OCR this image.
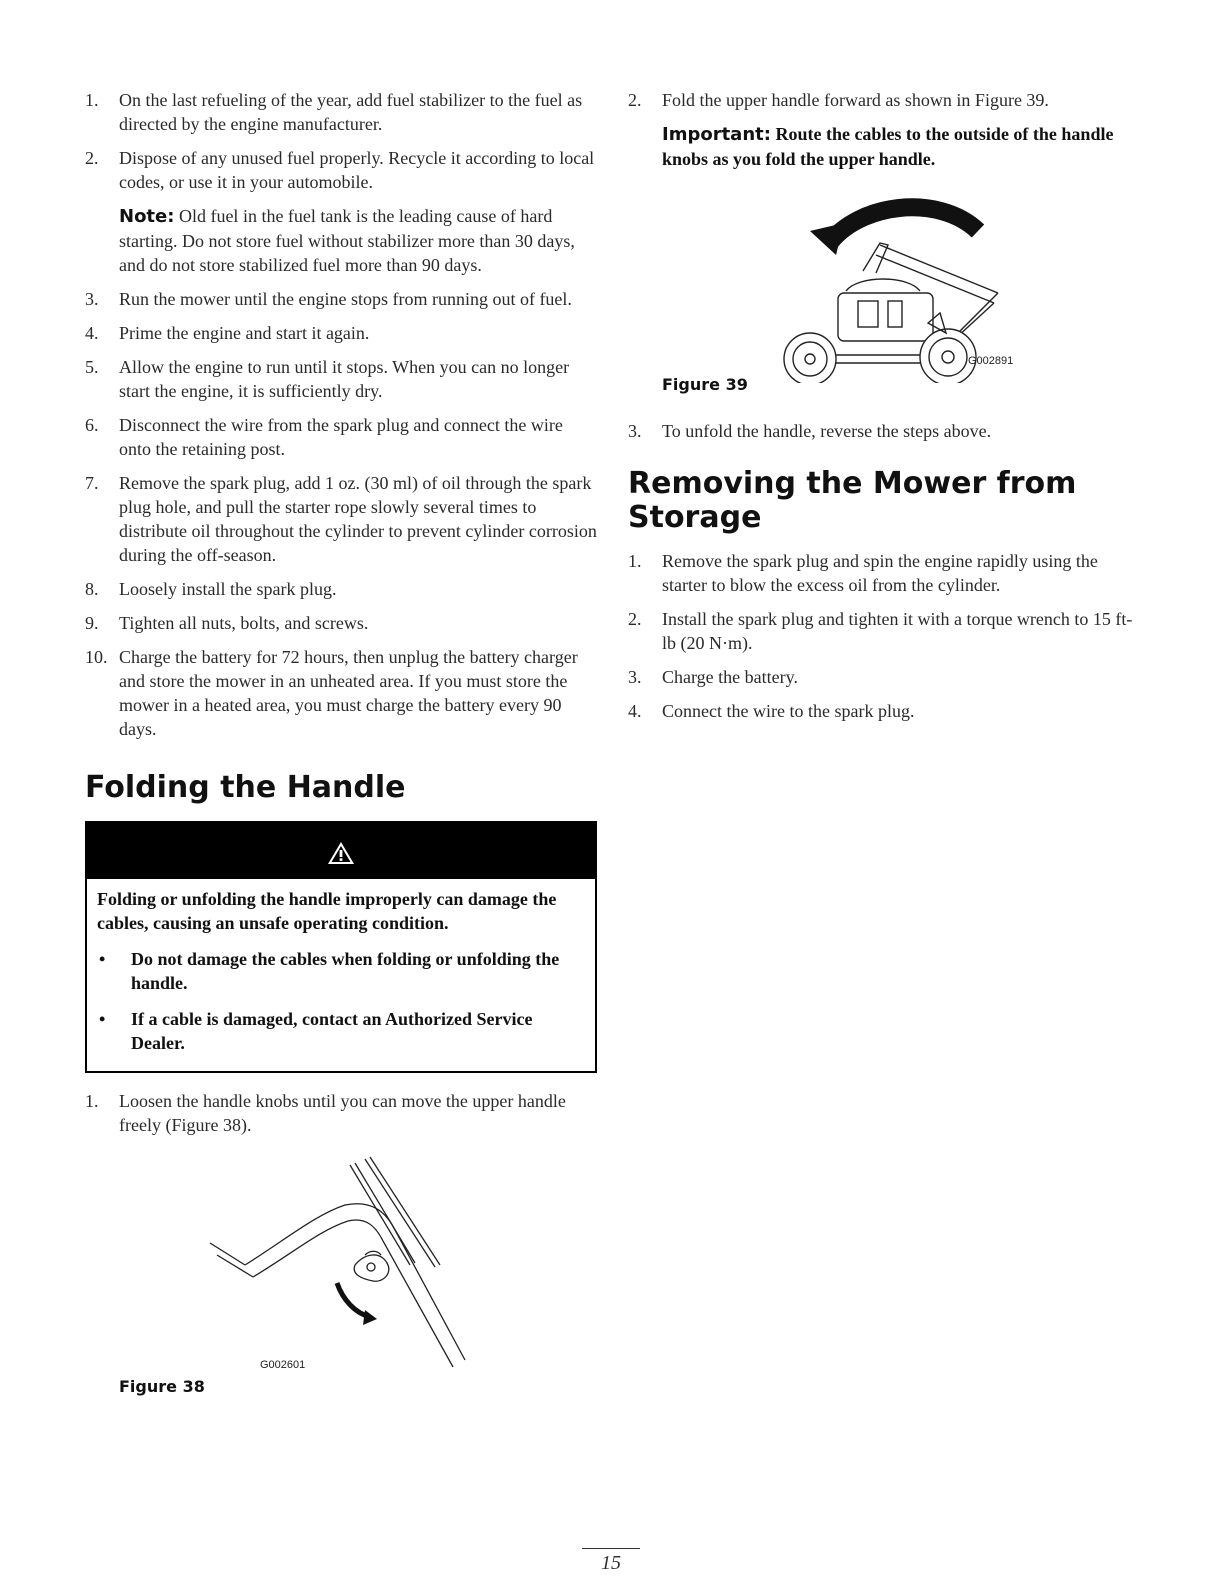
1. On the last refueling of the year, add fuel stabilizer to the fuel as directed by the engine manufacturer.
2. Dispose of any unused fuel properly. Recycle it according to local codes, or use it in your automobile.

Note: Old fuel in the fuel tank is the leading cause of hard starting. Do not store fuel without stabilizer more than 30 days, and do not store stabilized fuel more than 90 days.

3. Run the mower until the engine stops from running out of fuel.
4. Prime the engine and start it again.
5. Allow the engine to run until it stops. When you can no longer start the engine, it is sufficiently dry.
6. Disconnect the wire from the spark plug and connect the wire onto the retaining post.
7. Remove the spark plug, add 1 oz. (30 ml) of oil through the spark plug hole, and pull the starter rope slowly several times to distribute oil throughout the cylinder to prevent cylinder corrosion during the off-season.
8. Loosely install the spark plug.
9. Tighten all nuts, bolts, and screws.
10. Charge the battery for 72 hours, then unplug the battery charger and store the mower in an unheated area. If you must store the mower in a heated area, you must charge the battery every 90 days.
Folding the Handle

Folding or unfolding the handle improperly can damage the cables, causing an unsafe operating condition.

• Do not damage the cables when folding or unfolding the handle.
• If a cable is damaged, contact an Authorized Service Dealer.
1. Loosen the handle knobs until you can move the upper handle freely (Figure 38).
G002601
Figure 38
2. Fold the upper handle forward as shown in Figure 39.

Important: Route the cables to the outside of the handle knobs as you fold the upper handle.

G002891
Figure 39
3. To unfold the handle, reverse the steps above.
Removing the Mower from Storage
1. Remove the spark plug and spin the engine rapidly using the starter to blow the excess oil from the cylinder.
2. Install the spark plug and tighten it with a torque wrench to 15 ft-lb (20 N·m).
3. Charge the battery.
4. Connect the wire to the spark plug.
15
